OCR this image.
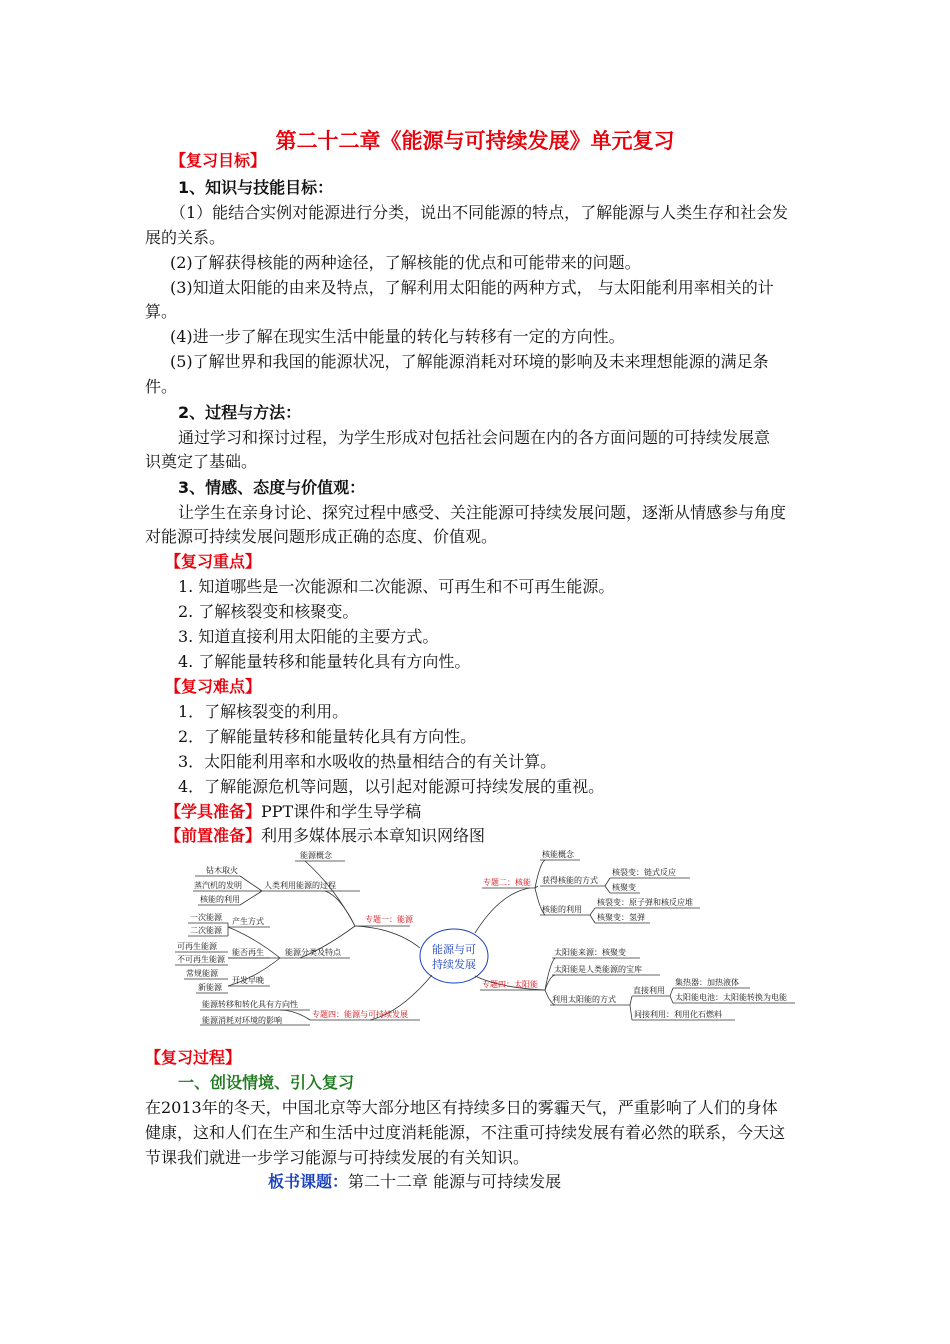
第二十二章《能源与可持续发展》单元复习
【复习目标】
1、知识与技能目标：
（1）能结合实例对能源进行分类，说出不同能源的特点，了解能源与人类生存和社会发
展的关系。
(2)了解获得核能的两种途径，了解核能的优点和可能带来的问题。
(3)知道太阳能的由来及特点，了解利用太阳能的两种方式， 与太阳能利用率相关的计
算。
(4)进一步了解在现实生活中能量的转化与转移有一定的方向性。
(5)了解世界和我国的能源状况，了解能源消耗对环境的影响及未来理想能源的满足条
件。
2、过程与方法：
通过学习和探讨过程，为学生形成对包括社会问题在内的各方面问题的可持续发展意
识奠定了基础。
3、情感、态度与价值观：
让学生在亲身讨论、探究过程中感受、关注能源可持续发展问题，逐渐从情感参与角度
对能源可持续发展问题形成正确的态度、价值观。
【复习重点】
1. 知道哪些是一次能源和二次能源、可再生和不可再生能源。
2. 了解核裂变和核聚变。
3. 知道直接利用太阳能的主要方式。
4. 了解能量转移和能量转化具有方向性。
【复习难点】
1．了解核裂变的利用。
2．了解能量转移和能量转化具有方向性。
3．太阳能利用率和水吸收的热量相结合的有关计算。
4．了解能源危机等问题，以引起对能源可持续发展的重视。
【学具准备】PPT课件和学生导学稿
【前置准备】利用多媒体展示本章知识网络图
能源与可
持续发展
专题一：能源
能源概念
人类利用能源的过程
钻木取火
蒸汽机的发明
核能的利用
能源分类及特点
产生方式
一次能源
二次能源
能否再生
可再生能源
不可再生能源
开发早晚
常规能源
新能源
专题四：能源与可持续发展
能源转移和转化具有方向性
能源消耗对环境的影响
专题二：核能
核能概念
获得核能的方式
核裂变：链式反应
核聚变
核能的利用
核裂变：原子弹和核反应堆
核聚变：氢弹
专题四：太阳能
太阳能来源：核聚变
太阳能是人类能源的宝库
利用太阳能的方式
直接利用
集热器：加热液体
太阳能电池：太阳能转换为电能
间接利用：利用化石燃料
【复习过程】
一、创设情境、引入复习
在2013年的冬天，中国北京等大部分地区有持续多日的雾霾天气，严重影响了人们的身体
健康，这和人们在生产和生活中过度消耗能源，不注重可持续发展有着必然的联系，今天这
节课我们就进一步学习能源与可持续发展的有关知识。
板书课题：第二十二章 能源与可持续发展
